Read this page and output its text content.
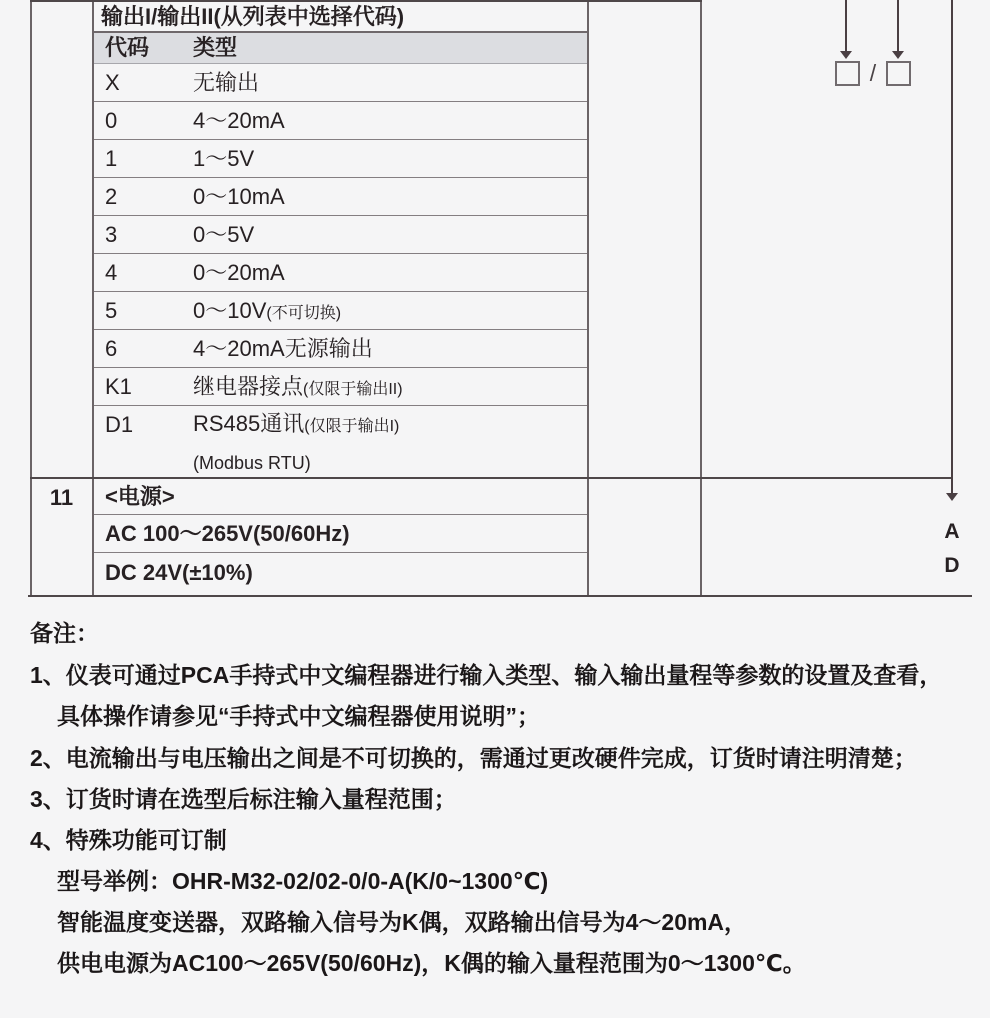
输出I/输出II(从列表中选择代码)
代码	类型
X	无输出
0	4～20mA
1	1～5V
2	0～10mA
3	0～5V
4	0～20mA
5	0～10V(不可切换)
6	4～20mA无源输出
K1	继电器接点(仅限于输出II)
D1	RS485通讯(仅限于输出I)
(Modbus RTU)
11	<电源>
AC 100～265V(50/60Hz)
DC 24V(±10%)
/
A
D
备注：
1、仪表可通过PCA手持式中文编程器进行输入类型、输入输出量程等参数的设置及查看，
具体操作请参见“手持式中文编程器使用说明”；
2、电流输出与电压输出之间是不可切换的，需通过更改硬件完成，订货时请注明清楚；
3、订货时请在选型后标注输入量程范围；
4、特殊功能可订制
型号举例：OHR-M32-02/02-0/0-A(K/0~1300℃)
智能温度变送器，双路输入信号为K偶，双路输出信号为4～20mA，
供电电源为AC100～265V(50/60Hz)，K偶的输入量程范围为0～1300℃。
